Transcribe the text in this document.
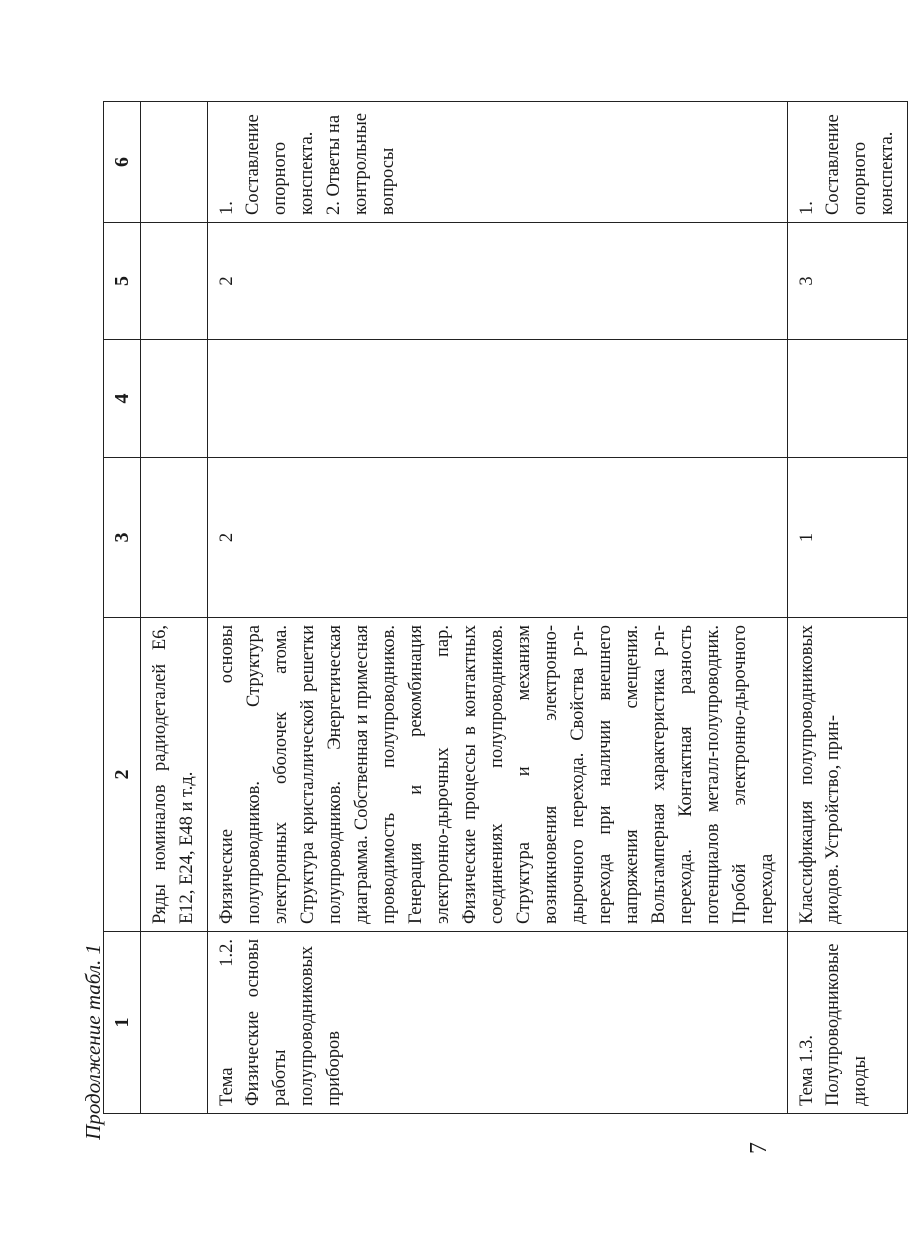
Продолжение табл. 1 1	2	3	4	5	6
	Ряды номиналов радиодеталей Е6, Е12, Е24, Е48 и т.д.				
Тема 1.2. Физические основы работы полупроводниковых приборов	Физические основы полупроводников. Структура электронных оболочек атома. Структура кристаллической решетки полупроводников. Энергетическая диаграмма. Собственная и примесная проводимость полупроводников. Генерация и рекомбинация электронно-дырочных пар. Физические процессы в контактных соединениях полупроводников. Структура и механизм возникновения электронно-дырочного перехода. Свойства p-n-перехода при наличии внешнего напряжения смещения. Вольтамперная характеристика p-n-перехода. Контактная разность потенциалов металл-полупроводник. Пробой электронно-дырочного перехода	2		2	1. Составление опорного конспекта.
2. Ответы на контрольные вопросы
Тема 1.3. Полупроводниковые диоды	Классификация полупроводниковых диодов. Устройство, прин-	1		3	1. Составление опорного конспекта.
7
